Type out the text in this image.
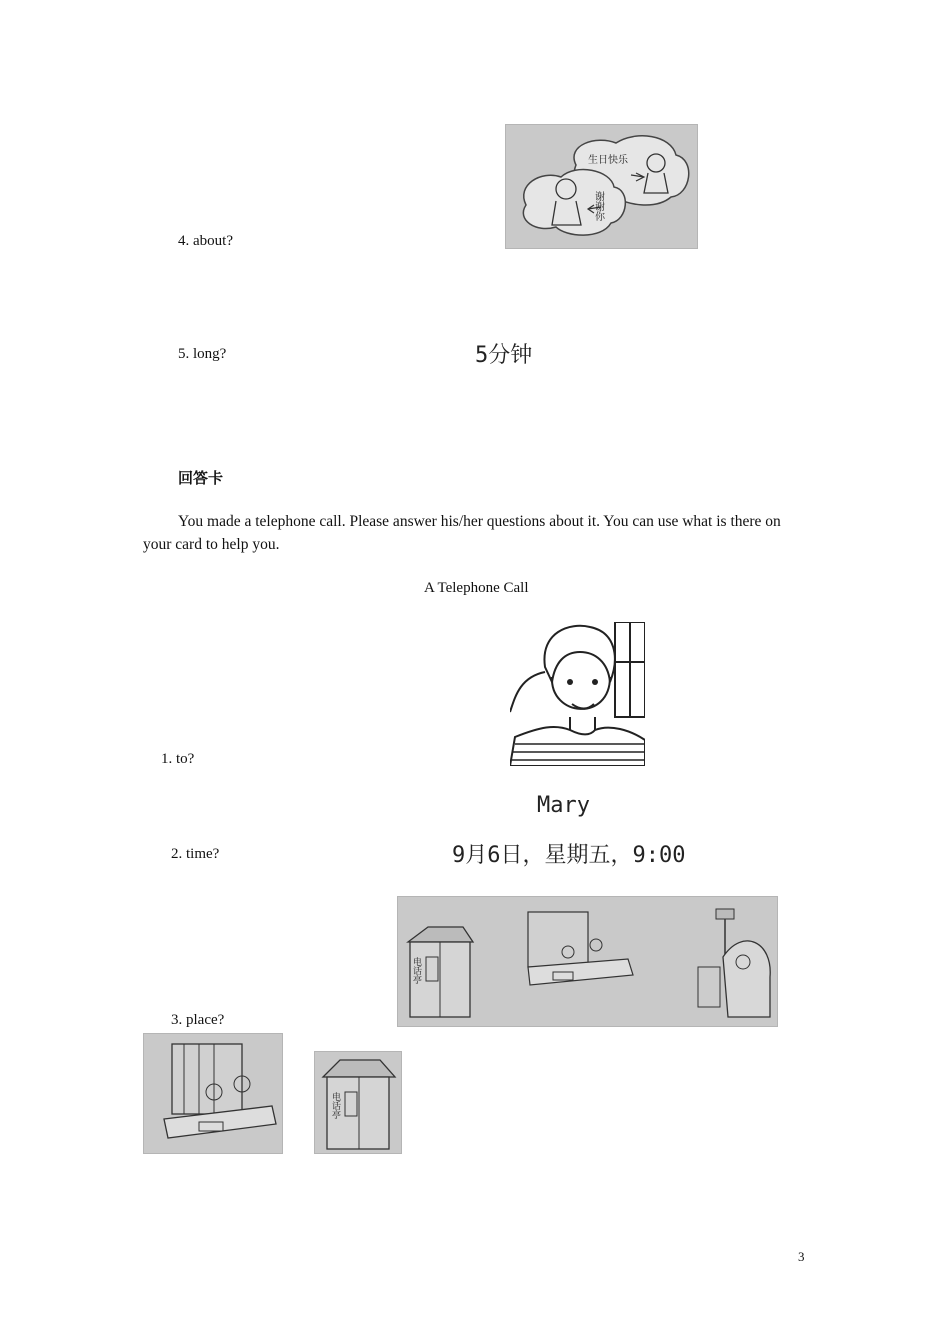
生日快乐
谢谢你
4. about?
5. long?	5分钟
回答卡
You made a telephone call. Please answer his/her questions about it. You can use what is there on your card to help you.
A Telephone Call
1. to?
Mary
2. time?	9月6日，星期五，9:00
电话亭
3. place?
电话亭
3
